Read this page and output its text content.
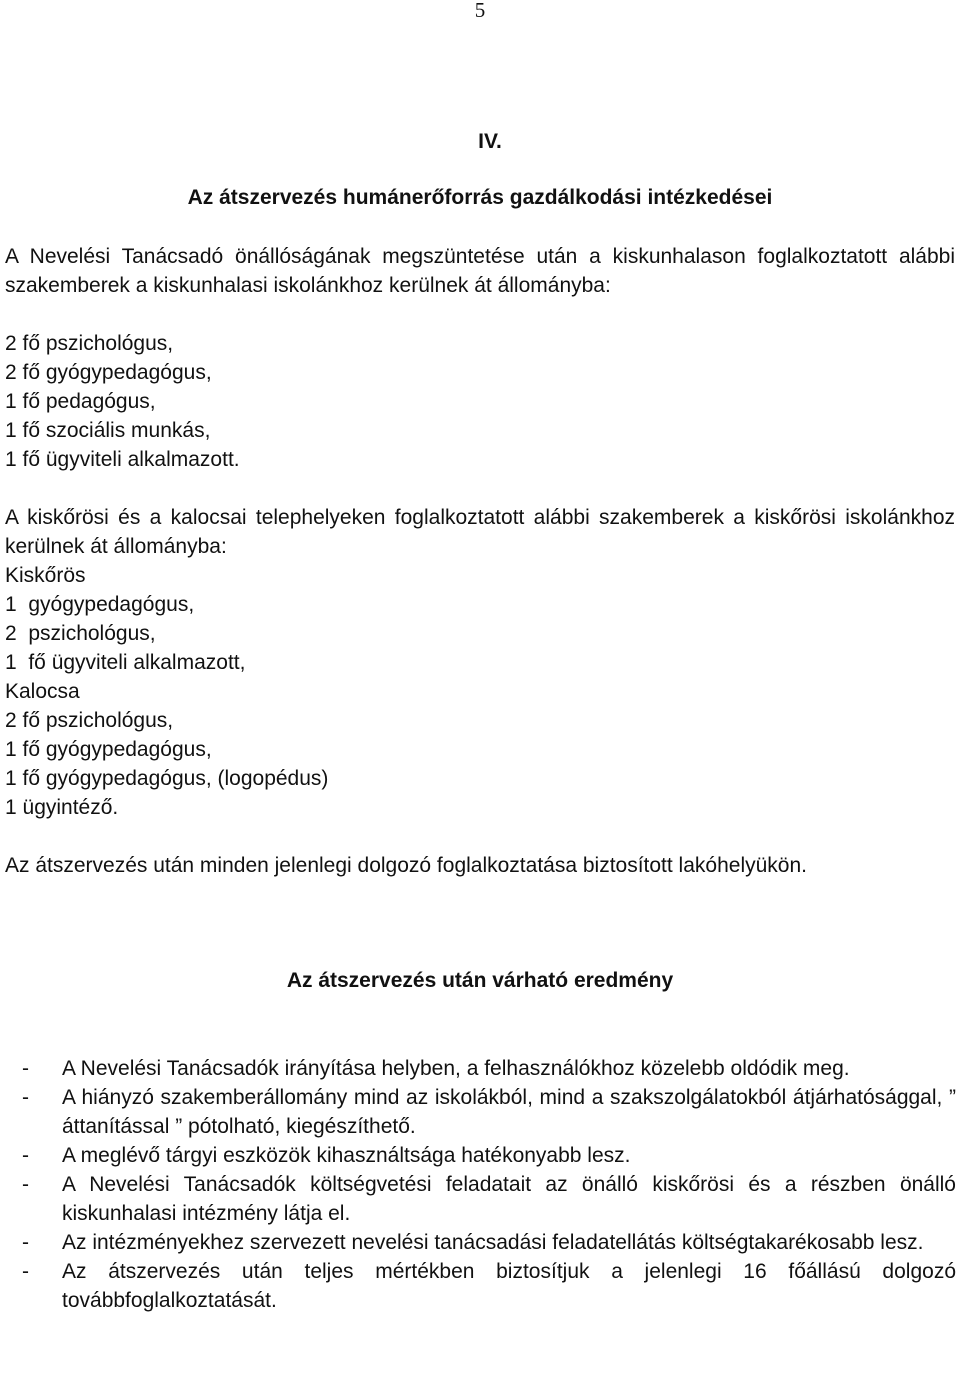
5
IV.
Az átszervezés humánerőforrás gazdálkodási intézkedései
A Nevelési Tanácsadó önállóságának megszüntetése után a kiskunhalason foglalkoztatott alábbi szakemberek a kiskunhalasi iskolánkhoz kerülnek át állományba:
2 fő pszichológus,
2 fő gyógypedagógus,
1 fő pedagógus,
1 fő szociális munkás,
1 fő ügyviteli alkalmazott.
A kiskőrösi és a kalocsai telephelyeken foglalkoztatott alábbi szakemberek a kiskőrösi iskolánkhoz kerülnek át állományba:
Kiskőrös
1  gyógypedagógus,
2  pszichológus,
1  fő ügyviteli alkalmazott,
Kalocsa
2 fő pszichológus,
1 fő gyógypedagógus,
1 fő gyógypedagógus, (logopédus)
1 ügyintéző.
Az átszervezés után minden jelenlegi dolgozó foglalkoztatása biztosított lakóhelyükön.
Az átszervezés után várható eredmény
- A Nevelési Tanácsadók irányítása helyben, a felhasználókhoz közelebb oldódik meg.
- A hiányzó szakemberállomány mind az iskolákból, mind a szakszolgálatokból átjárhatósággal, ” áttanítással ” pótolható, kiegészíthető.
- A meglévő tárgyi eszközök kihasználtsága hatékonyabb lesz.
- A Nevelési Tanácsadók költségvetési feladatait az önálló kiskőrösi és a részben önálló kiskunhalasi intézmény látja el.
- Az intézményekhez szervezett nevelési tanácsadási feladatellátás költségtakarékosabb lesz.
- Az átszervezés után teljes mértékben biztosítjuk a jelenlegi 16 főállású dolgozó továbbfoglalkoztatását.
